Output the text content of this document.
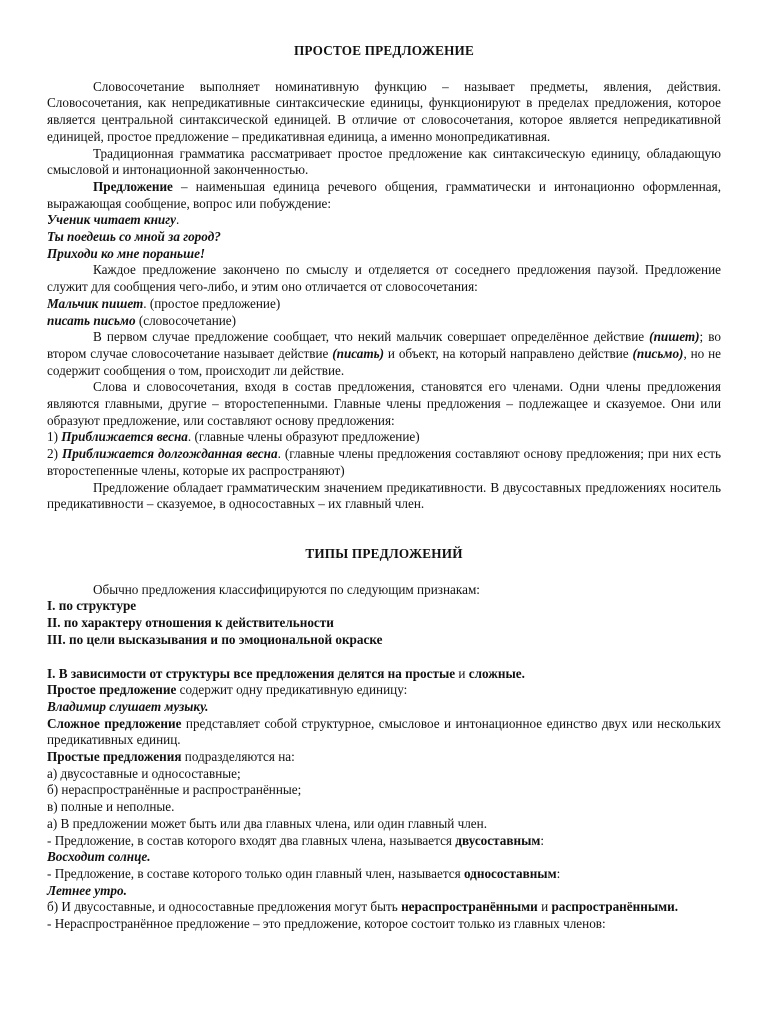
ПРОСТОЕ ПРЕДЛОЖЕНИЕ

Словосочетание выполняет номинативную функцию – называет предметы, явления, действия. Словосочетания, как непредикативные синтаксические единицы, функционируют в пределах предложения, которое является центральной синтаксической единицей. В отличие от словосочетания, которое является непредикативной единицей, простое предложение – предикативная единица, а именно монопредикативная.

Традиционная грамматика рассматривает простое предложение как синтаксическую единицу, обладающую смысловой и интонационной законченностью.

Предложение – наименьшая единица речевого общения, грамматически и интонационно оформленная, выражающая сообщение, вопрос или побуждение:

Ученик читает книгу.

Ты поедешь со мной за город?

Приходи ко мне пораньше!

Каждое предложение закончено по смыслу и отделяется от соседнего предложения паузой. Предложение служит для сообщения чего-либо, и этим оно отличается от словосочетания:

Мальчик пишет. (простое предложение)

писать письмо (словосочетание)

В первом случае предложение сообщает, что некий мальчик совершает определённое действие (пишет); во втором случае словосочетание называет действие (писать) и объект, на который направлено действие (письмо), но не содержит сообщения о том, происходит ли действие.

Слова и словосочетания, входя в состав предложения, становятся его членами. Одни члены предложения являются главными, другие – второстепенными. Главные члены предложения – подлежащее и сказуемое. Они или образуют предложение, или составляют основу предложения:

1) Приближается весна. (главные члены образуют предложение)

2) Приближается долгожданная весна. (главные члены предложения составляют основу предложения; при них есть второстепенные члены, которые их распространяют)

Предложение обладает грамматическим значением предикативности. В двусоставных предложениях носитель предикативности – сказуемое, в односоставных – их главный член.

ТИПЫ ПРЕДЛОЖЕНИЙ

Обычно предложения классифицируются по следующим признакам:

I. по структуре

II. по характеру отношения к действительности

III. по цели высказывания и по эмоциональной окраске

I. В зависимости от структуры все предложения делятся на простые и сложные.

Простое предложение содержит одну предикативную единицу:

Владимир слушает музыку.

Сложное предложение представляет собой структурное, смысловое и интонационное единство двух или нескольких предикативных единиц.

Простые предложения подразделяются на:

а) двусоставные и односоставные;

б) нераспространённые и распространённые;

в) полные и неполные.

а) В предложении может быть или два главных члена, или один главный член.

- Предложение, в состав которого входят два главных члена, называется двусоставным:

Восходит солнце.

- Предложение, в составе которого только один главный член, называется односоставным:

Летнее утро.

б) И двусоставные, и односоставные предложения могут быть нераспространёнными и распространёнными.

- Нераспространённое предложение – это предложение, которое состоит только из главных членов:
